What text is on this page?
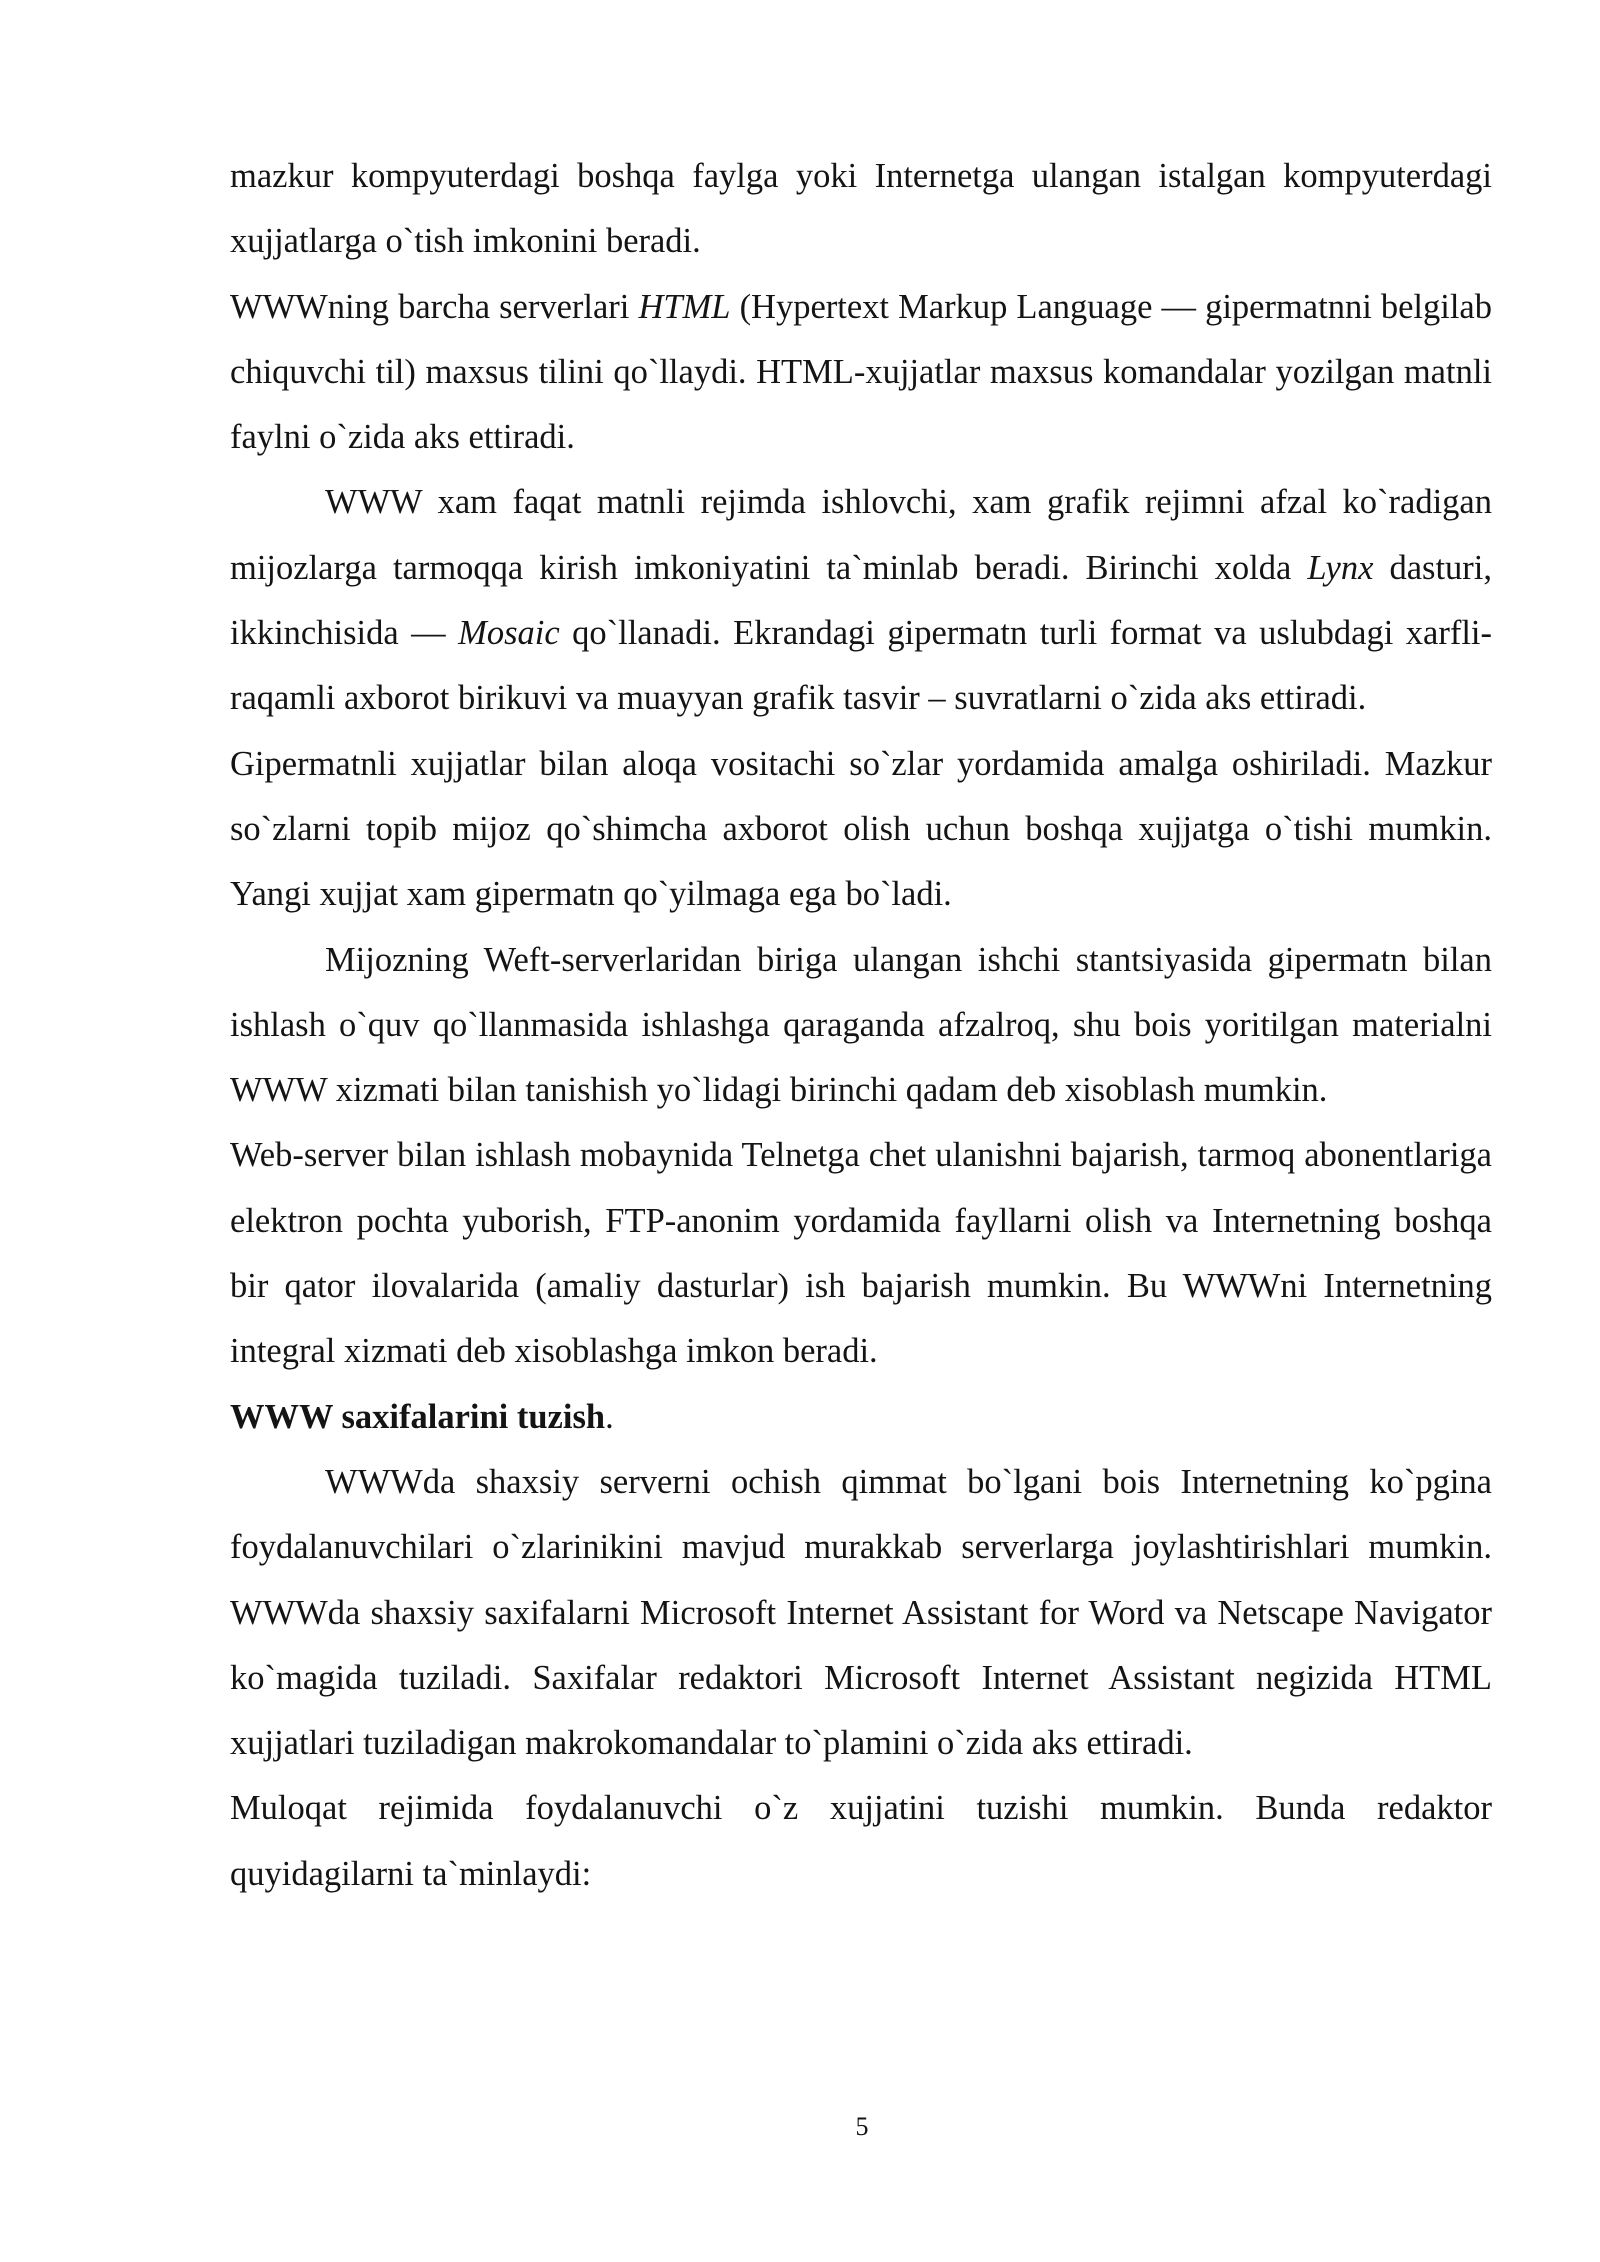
mazkur kompyuterdagi boshqa faylga yoki Internetga ulangan istalgan kompyuterdagi xujjatlarga o`tish imkonini beradi.

WWWning barcha serverlari HTML (Hypertext Markup Language — gipermatnni belgilab chiquvchi til) maxsus tilini qo`llaydi. HTML-xujjatlar maxsus komandalar yozilgan matnli faylni o`zida aks ettiradi.

WWW xam faqat matnli rejimda ishlovchi, xam grafik rejimni afzal ko`radigan mijozlarga tarmoqqa kirish imkoniyatini ta`minlab beradi. Birinchi xolda Lynx dasturi, ikkinchisida — Mosaic qo`llanadi. Ekrandagi gipermatn turli format va uslubdagi xarfli-raqamli axborot birikuvi va muayyan grafik tasvir – suvratlarni o`zida aks ettiradi.

Gipermatnli xujjatlar bilan aloqa vositachi so`zlar yordamida amalga oshiriladi. Mazkur so`zlarni topib mijoz qo`shimcha axborot olish uchun boshqa xujjatga o`tishi mumkin. Yangi xujjat xam gipermatn qo`yilmaga ega bo`ladi.

Mijozning Weft-serverlaridan biriga ulangan ishchi stantsiyasida gipermatn bilan ishlash o`quv qo`llanmasida ishlashga qaraganda afzalroq, shu bois yoritilgan materialni WWW xizmati bilan tanishish yo`lidagi birinchi qadam deb xisoblash mumkin.

Web-server bilan ishlash mobaynida Telnetga chet ulanishni bajarish, tarmoq abonentlariga elektron pochta yuborish, FTP-anonim yordamida fayllarni olish va Internetning boshqa bir qator ilovalarida (amaliy dasturlar) ish bajarish mumkin. Bu WWWni Internetning integral xizmati deb xisoblashga imkon beradi.

WWW saxifalarini tuzish.

WWWda shaxsiy serverni ochish qimmat bo`lgani bois Internetning ko`pgina foydalanuvchilari o`zlarinikini mavjud murakkab serverlarga joylashtirishlari mumkin. WWWda shaxsiy saxifalarni Microsoft Internet Assistant for Word va Netscape Navigator ko`magida tuziladi. Saxifalar redaktori Microsoft Internet Assistant negizida HTML xujjatlari tuziladigan makrokomandalar to`plamini o`zida aks ettiradi.

Muloqat rejimida foydalanuvchi o`z xujjatini tuzishi mumkin. Bunda redaktor quyidagilarni ta`minlaydi:

5
